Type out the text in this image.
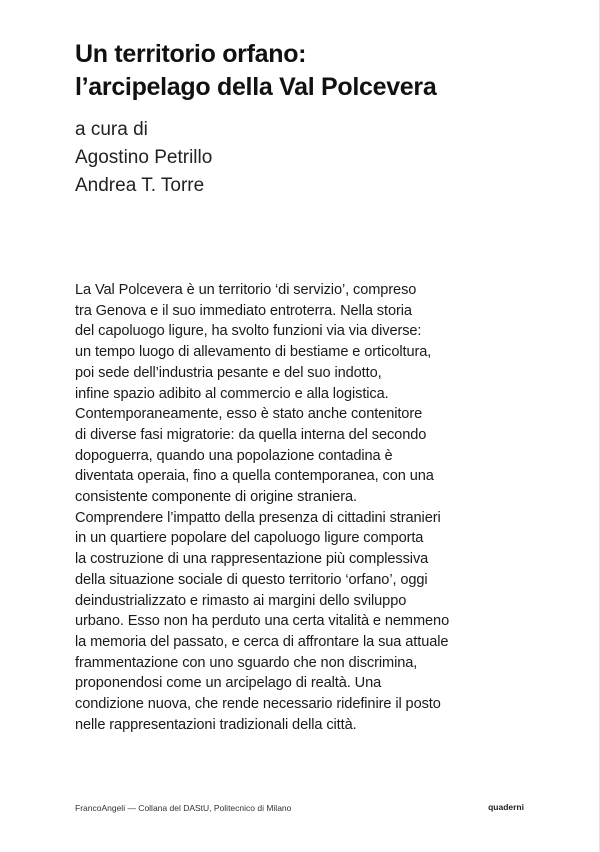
Un territorio orfano:
l’arcipelago della Val Polcevera
a cura di
Agostino Petrillo
Andrea T. Torre
La Val Polcevera è un territorio ‘di servizio’, compreso
tra Genova e il suo immediato entroterra. Nella storia
del capoluogo ligure, ha svolto funzioni via via diverse:
un tempo luogo di allevamento di bestiame e orticoltura,
poi sede dell’industria pesante e del suo indotto,
infine spazio adibito al commercio e alla logistica.
Contemporaneamente, esso è stato anche contenitore
di diverse fasi migratorie: da quella interna del secondo
dopoguerra, quando una popolazione contadina è
diventata operaia, fino a quella contemporanea, con una
consistente componente di origine straniera.
Comprendere l’impatto della presenza di cittadini stranieri
in un quartiere popolare del capoluogo ligure comporta
la costruzione di una rappresentazione più complessiva
della situazione sociale di questo territorio ‘orfano’, oggi
deindustrializzato e rimasto ai margini dello sviluppo
urbano. Esso non ha perduto una certa vitalità e nemmeno
la memoria del passato, e cerca di affrontare la sua attuale
frammentazione con uno sguardo che non discrimina,
proponendosi come un arcipelago di realtà. Una
condizione nuova, che rende necessario ridefinire il posto
nelle rappresentazioni tradizionali della città.
FrancoAngeli — Collana del DAStU, Politecnico di Milano	quaderni
